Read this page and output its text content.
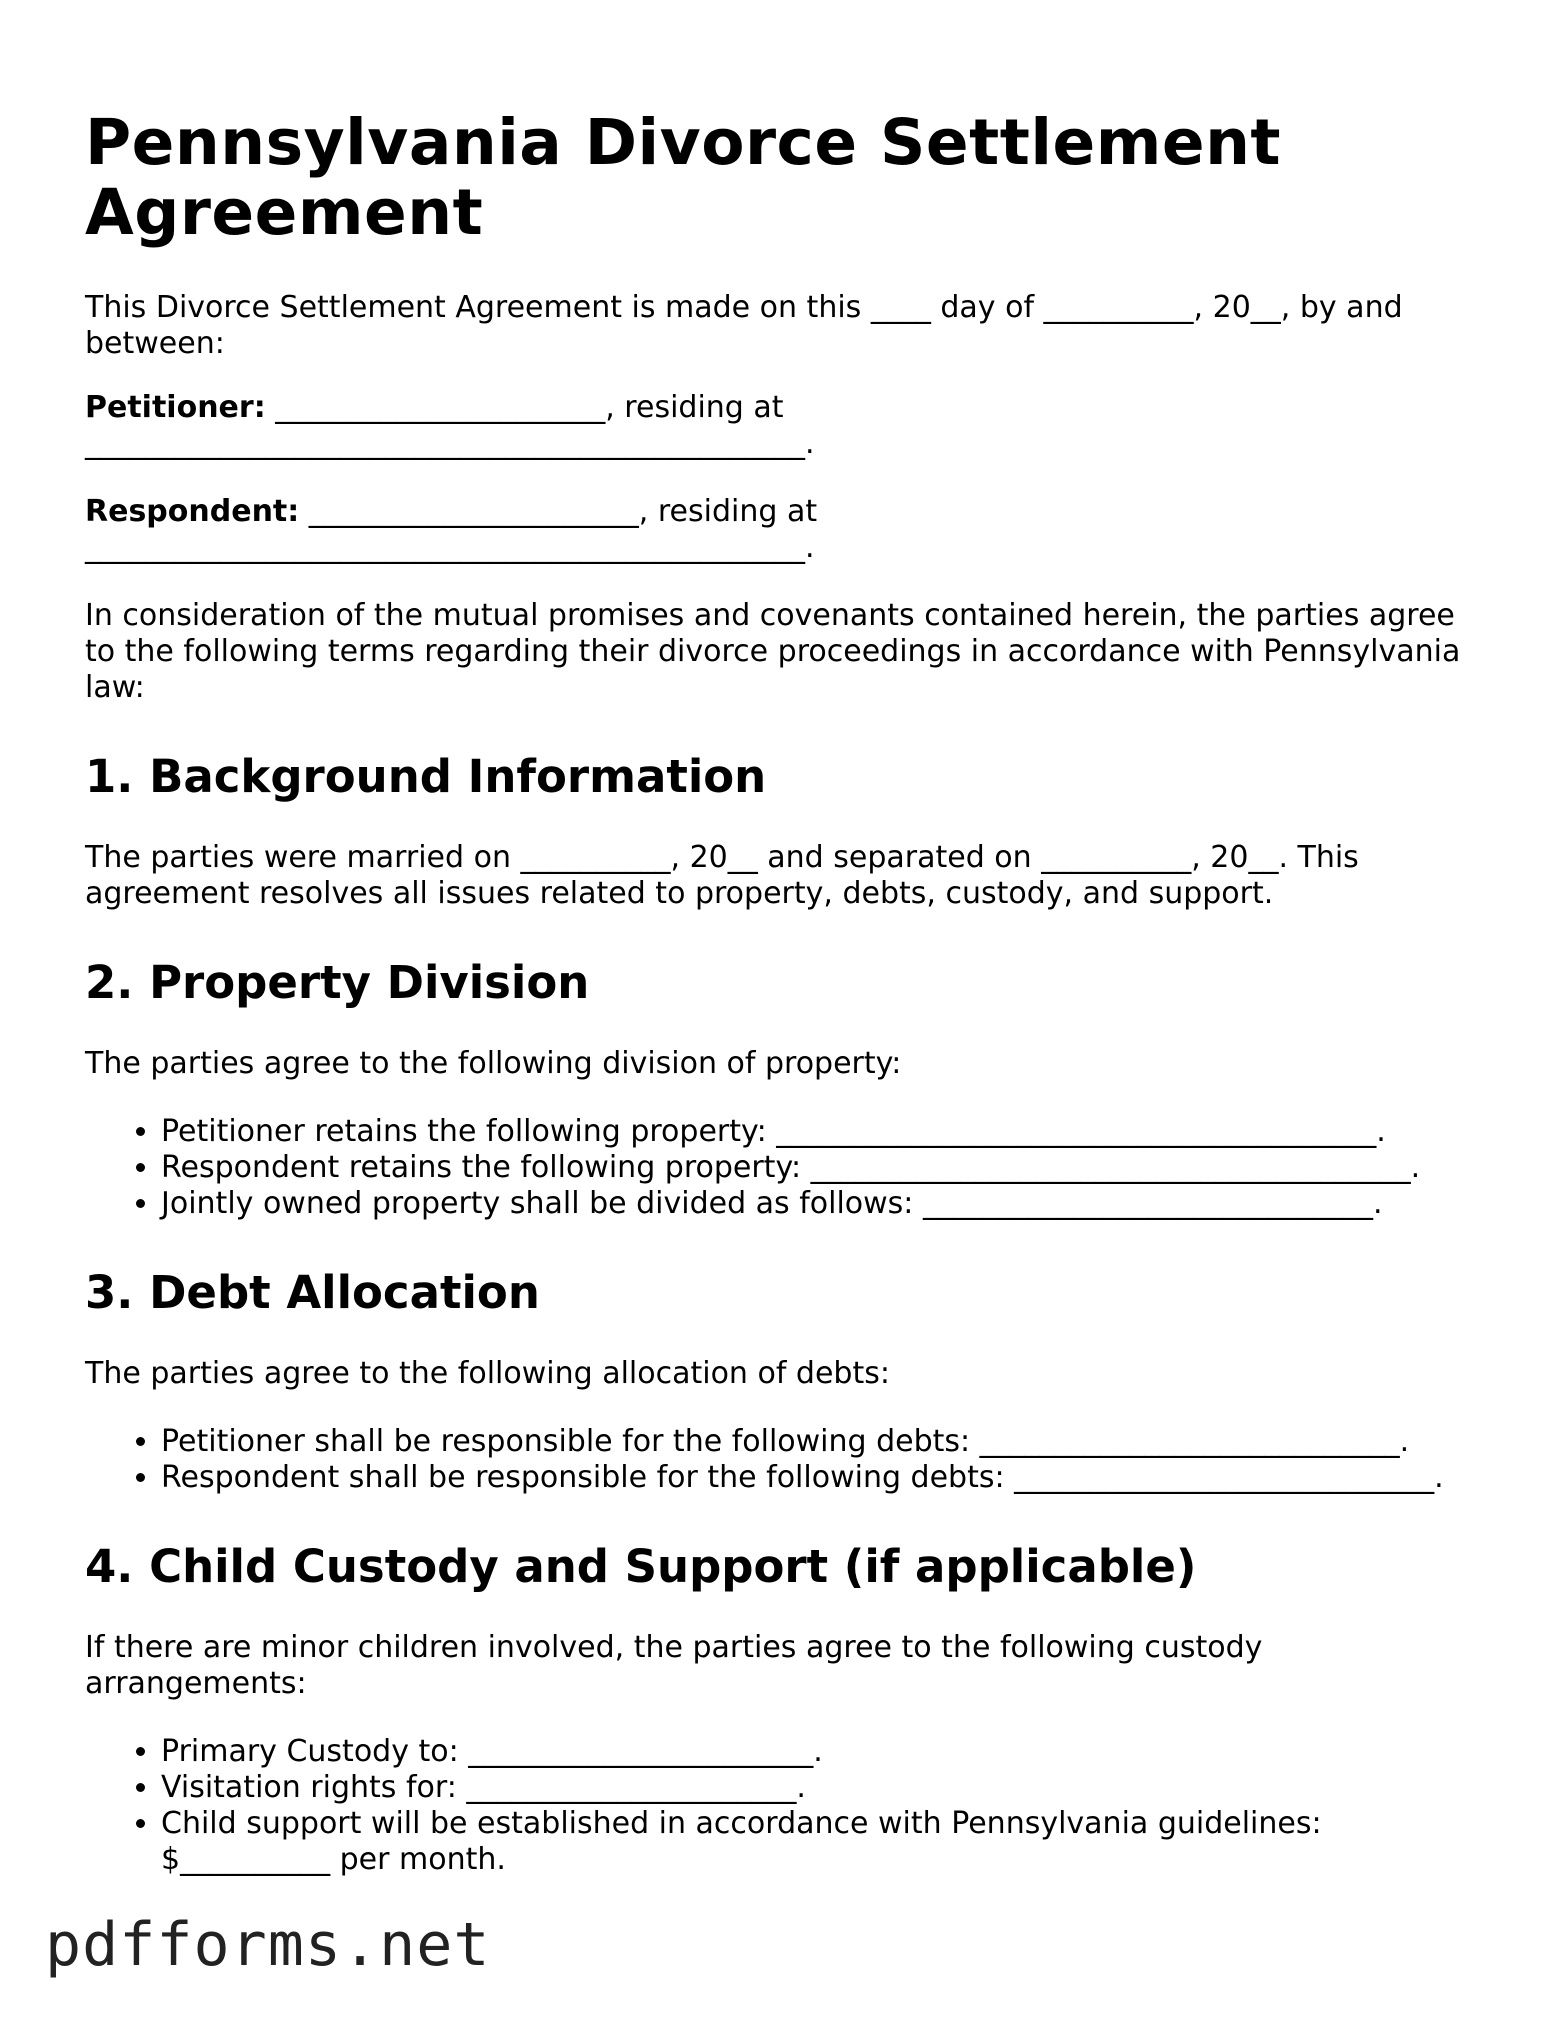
Pennsylvania Divorce Settlement Agreement

This Divorce Settlement Agreement is made on this ____ day of __________, 20__, by and between:

Petitioner: ______________________, residing at ________________________________________________.

Respondent: ______________________, residing at ________________________________________________.

In consideration of the mutual promises and covenants contained herein, the parties agree to the following terms regarding their divorce proceedings in accordance with Pennsylvania law:

1. Background Information

The parties were married on __________, 20__ and separated on __________, 20__. This agreement resolves all issues related to property, debts, custody, and support.

2. Property Division

The parties agree to the following division of property:

• Petitioner retains the following property: ________________________________________.
• Respondent retains the following property: ________________________________________.
• Jointly owned property shall be divided as follows: ______________________________.
3. Debt Allocation

The parties agree to the following allocation of debts:

• Petitioner shall be responsible for the following debts: ____________________________.
• Respondent shall be responsible for the following debts: ____________________________.
4. Child Custody and Support (if applicable)

If there are minor children involved, the parties agree to the following custody arrangements:

• Primary Custody to: _______________________.
• Visitation rights for: ______________________.
• Child support will be established in accordance with Pennsylvania guidelines: $__________ per month.
pdfforms.net
